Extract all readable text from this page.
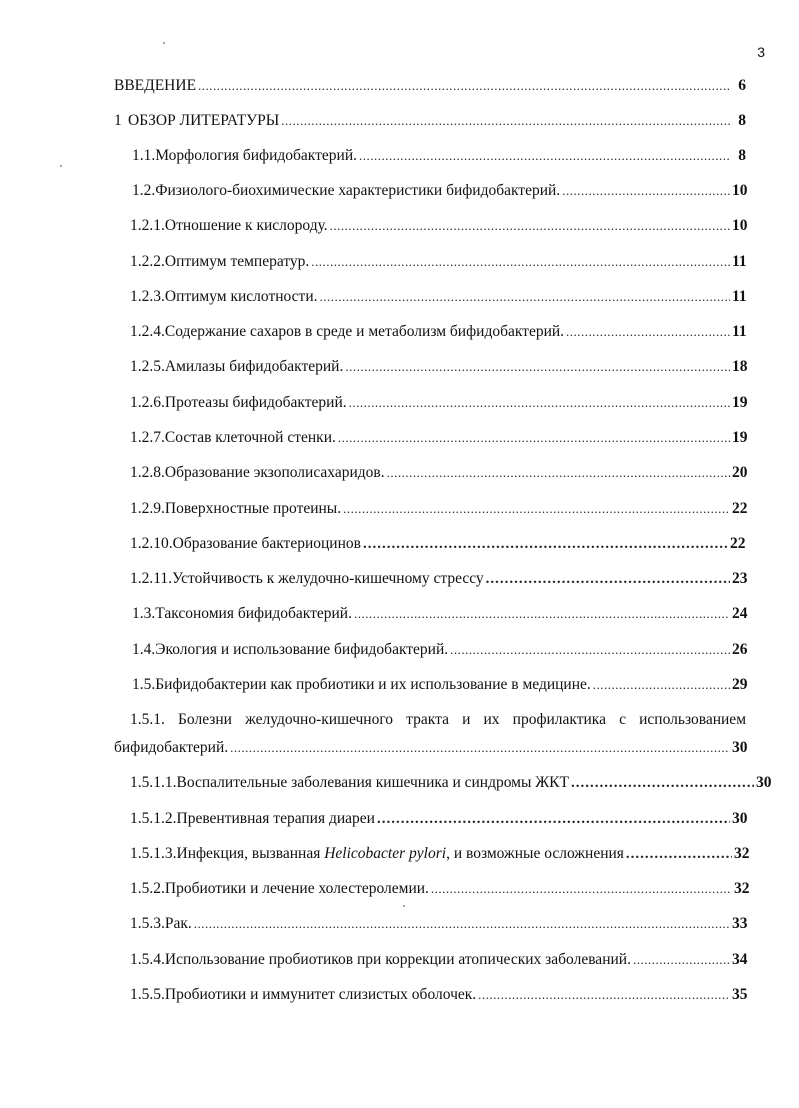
3
ВВЕДЕНИЕ .....	6
1 ОБЗОР ЛИТЕРАТУРЫ .....	8
1.1. Морфология бифидобактерий. .....	8
1.2. Физиолого-биохимические характеристики бифидобактерий. .....	10
1.2.1. Отношение к кислороду. .....	10
1.2.2. Оптимум температур. .....	11
1.2.3. Оптимум кислотности. .....	11
1.2.4. Содержание сахаров в среде и метаболизм бифидобактерий. .....	11
1.2.5. Амилазы бифидобактерий. .....	18
1.2.6. Протеазы бифидобактерий. .....	19
1.2.7. Состав клеточной стенки. .....	19
1.2.8. Образование экзополисахаридов. .....	20
1.2.9. Поверхностные протеины. .....	22
1.2.10. Образование бактериоцинов .....	22
1.2.11. Устойчивость к желудочно-кишечному стрессу .....	23
1.3. Таксономия бифидобактерий. .....	24
1.4. Экология и использование бифидобактерий. .....	26
1.5. Бифидобактерии как пробиотики и их использование в медицине. .....	29
1.5.1. Болезни желудочно-кишечного тракта и их профилактика с использованием
бифидобактерий. .....	30
1.5.1.1. Воспалительные заболевания кишечника и синдромы ЖКТ .....	30
1.5.1.2. Превентивная терапия диареи .....	30
1.5.1.3. Инфекция, вызванная Helicobacter pylori, и возможные осложнения .....	32
1.5.2. Пробиотики и лечение холестеролемии. .....	32
1.5.3. Рак. .....	33
1.5.4. Использование пробиотиков при коррекции атопических заболеваний. .....	34
1.5.5. Пробиотики и иммунитет слизистых оболочек. .....	35
